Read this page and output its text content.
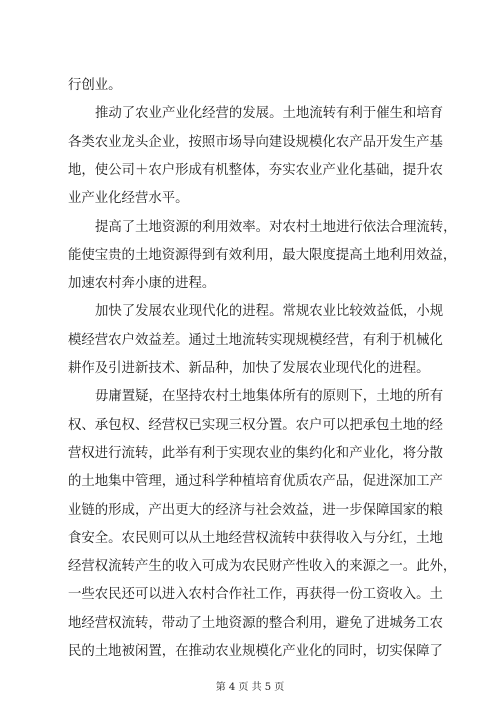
行创业。
推动了农业产业化经营的发展。土地流转有利于催生和培育
各类农业龙头企业，按照市场导向建设规模化农产品开发生产基
地，使公司＋农户形成有机整体，夯实农业产业化基础，提升农
业产业化经营水平。
提高了土地资源的利用效率。对农村土地进行依法合理流转，
能使宝贵的土地资源得到有效利用，最大限度提高土地利用效益，
加速农村奔小康的进程。
加快了发展农业现代化的进程。常规农业比较效益低，小规
模经营农户效益差。通过土地流转实现规模经营，有利于机械化
耕作及引进新技术、新品种，加快了发展农业现代化的进程。
毋庸置疑，在坚持农村土地集体所有的原则下，土地的所有
权、承包权、经营权已实现三权分置。农户可以把承包土地的经
营权进行流转，此举有利于实现农业的集约化和产业化，将分散
的土地集中管理，通过科学种植培育优质农产品，促进深加工产
业链的形成，产出更大的经济与社会效益，进一步保障国家的粮
食安全。农民则可以从土地经营权流转中获得收入与分红，土地
经营权流转产生的收入可成为农民财产性收入的来源之一。此外，
一些农民还可以进入农村合作社工作，再获得一份工资收入。土
地经营权流转，带动了土地资源的整合利用，避免了进城务工农
民的土地被闲置，在推动农业规模化产业化的同时，切实保障了
第 4 页 共 5 页
